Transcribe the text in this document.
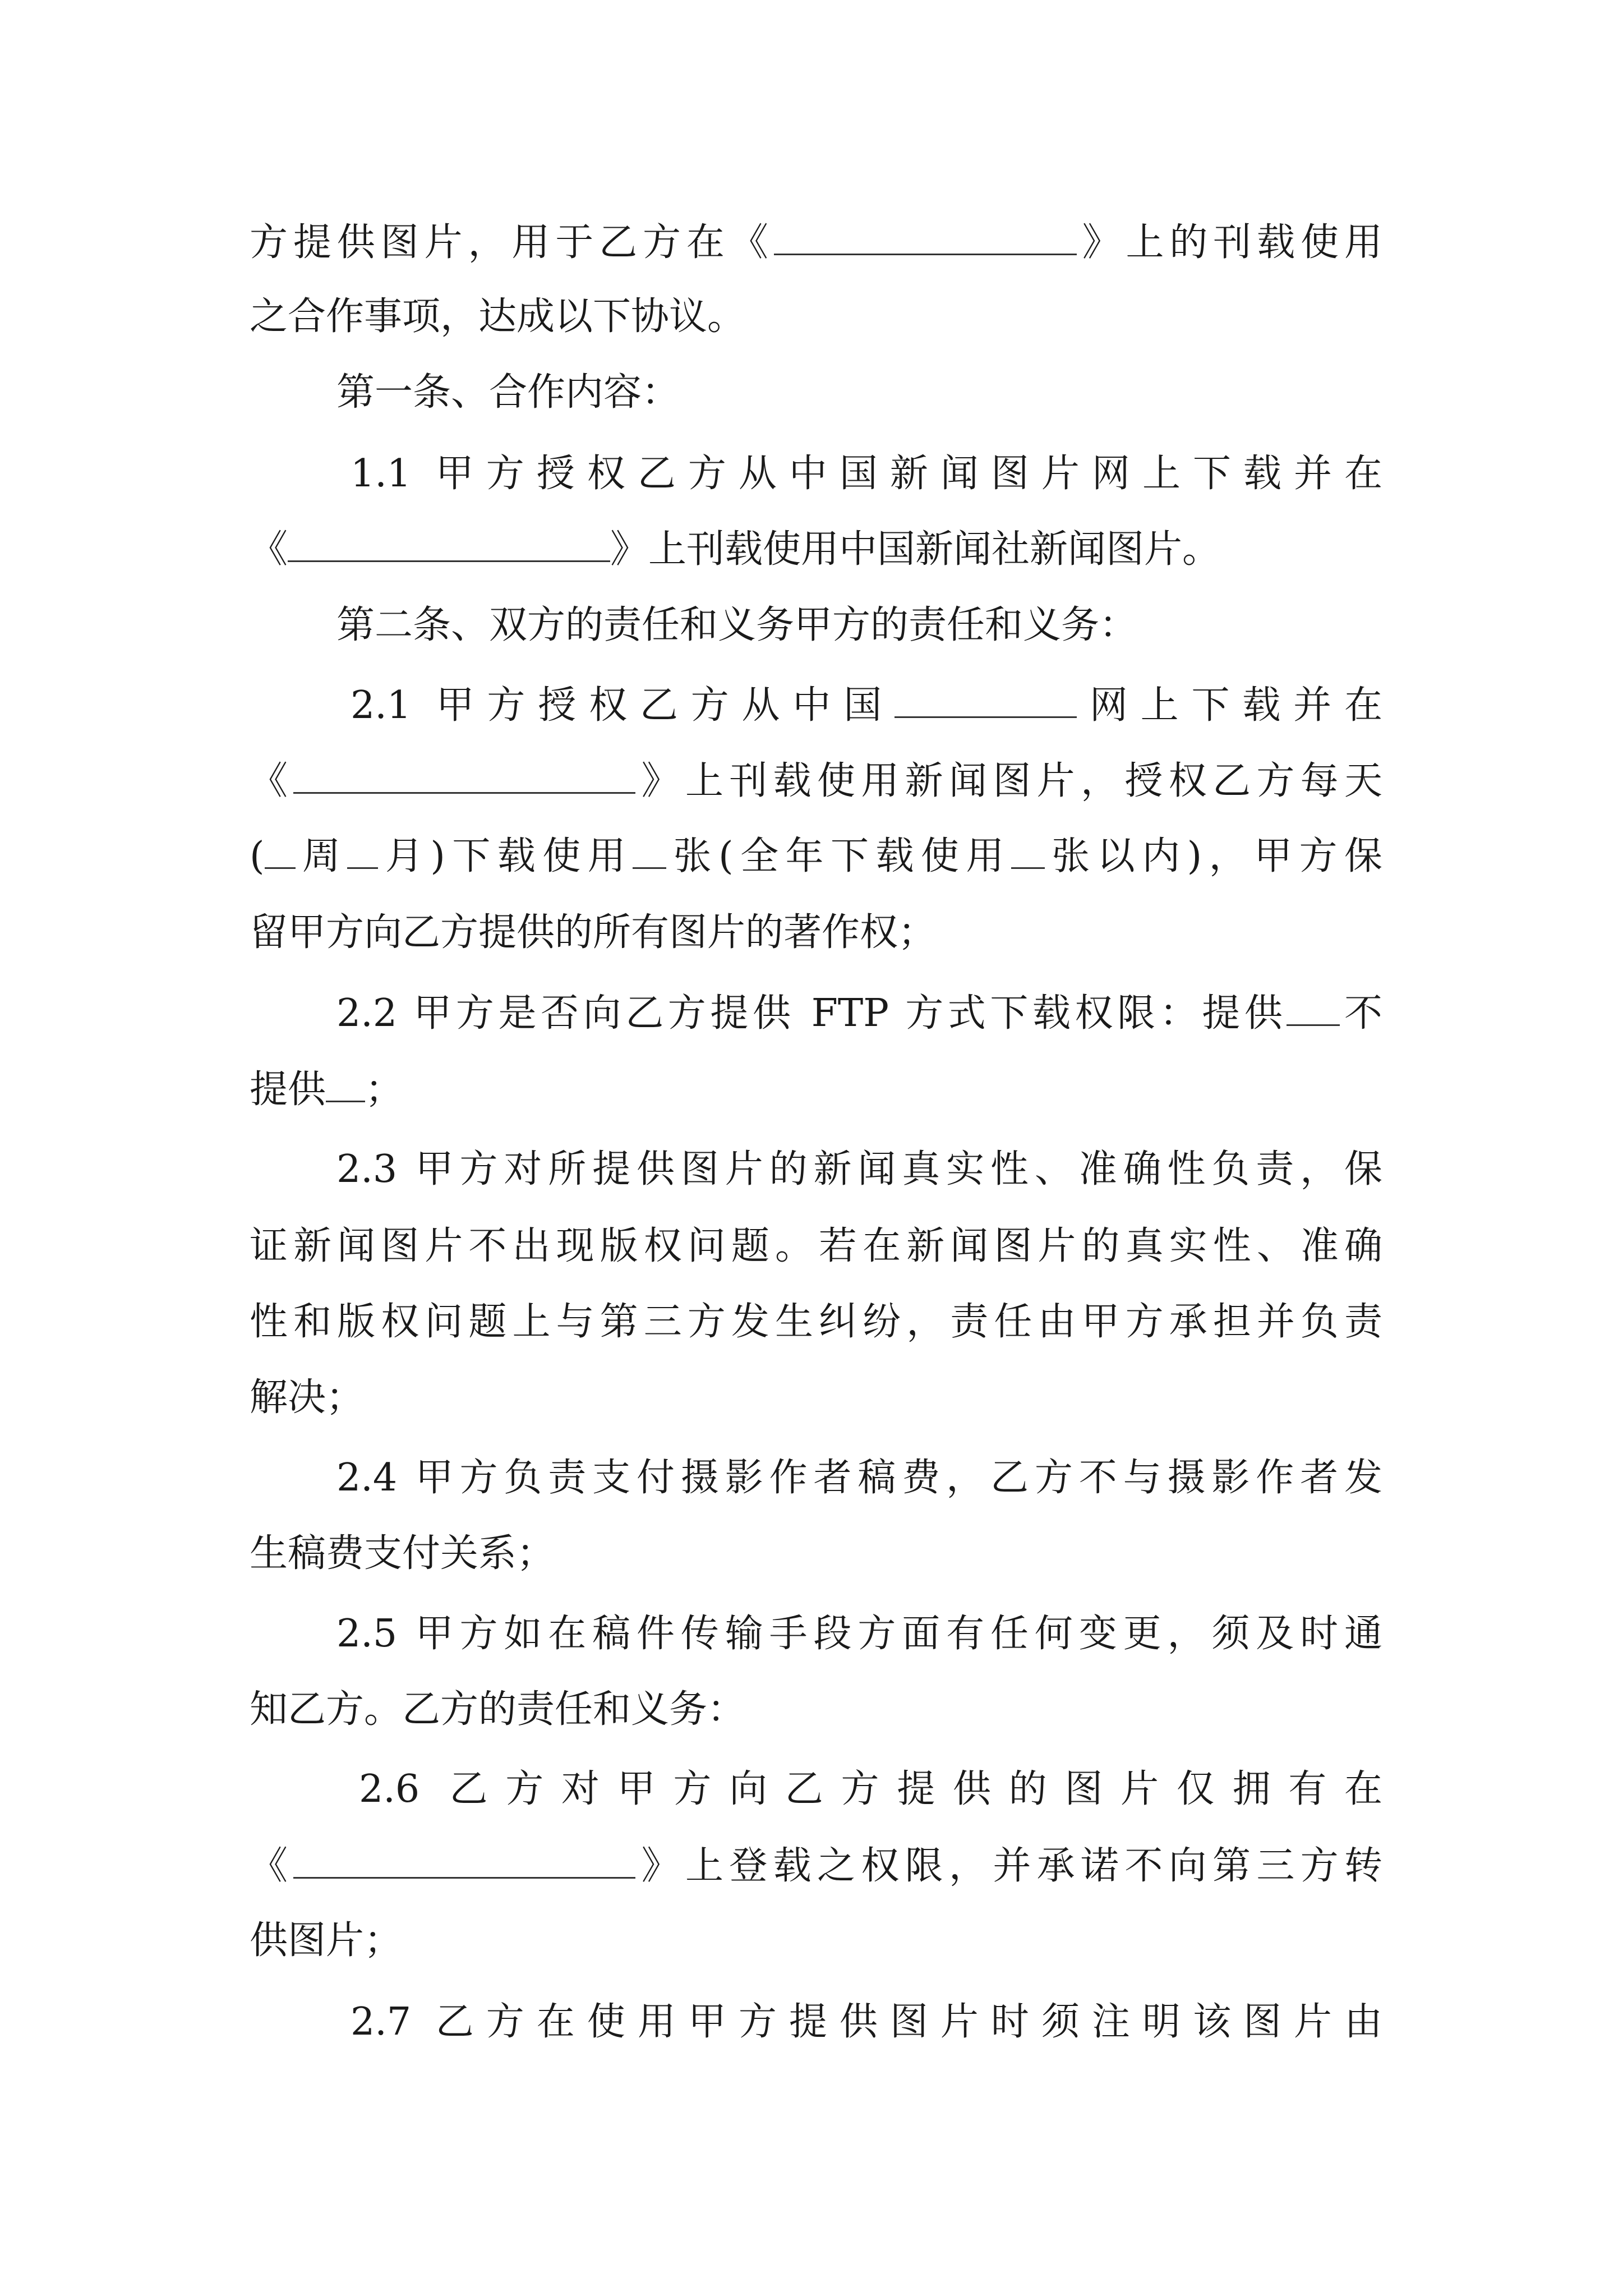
方提供图片，用于乙方在《	》上的刊载使用
之合作事项，达成以下协议。
第一条、合作内容：
1.1 甲方授权乙方从中国新闻图片网上下载并在
《	》上刊载使用中国新闻社新闻图片。
第二条、双方的责任和义务甲方的责任和义务：
2.1 甲方授权乙方从中国	网上下载并在
《	》上刊载使用新闻图片，授权乙方每天
( 周 月)下载使用 张(全年下载使用 张以内)，甲方保
留甲方向乙方提供的所有图片的著作权；
2.2 甲方是否向乙方提供 FTP 方式下载权限：提供 不
提供 ；
2.3 甲方对所提供图片的新闻真实性、准确性负责，保
证新闻图片不出现版权问题。若在新闻图片的真实性、准确
性和版权问题上与第三方发生纠纷，责任由甲方承担并负责
解决；
2.4 甲方负责支付摄影作者稿费，乙方不与摄影作者发
生稿费支付关系；
2.5 甲方如在稿件传输手段方面有任何变更，须及时通
知乙方。乙方的责任和义务：
2.6 乙方对甲方向乙方提供的图片仅拥有在
《	》上登载之权限，并承诺不向第三方转
供图片；
2.7 乙方在使用甲方提供图片时须注明该图片由
